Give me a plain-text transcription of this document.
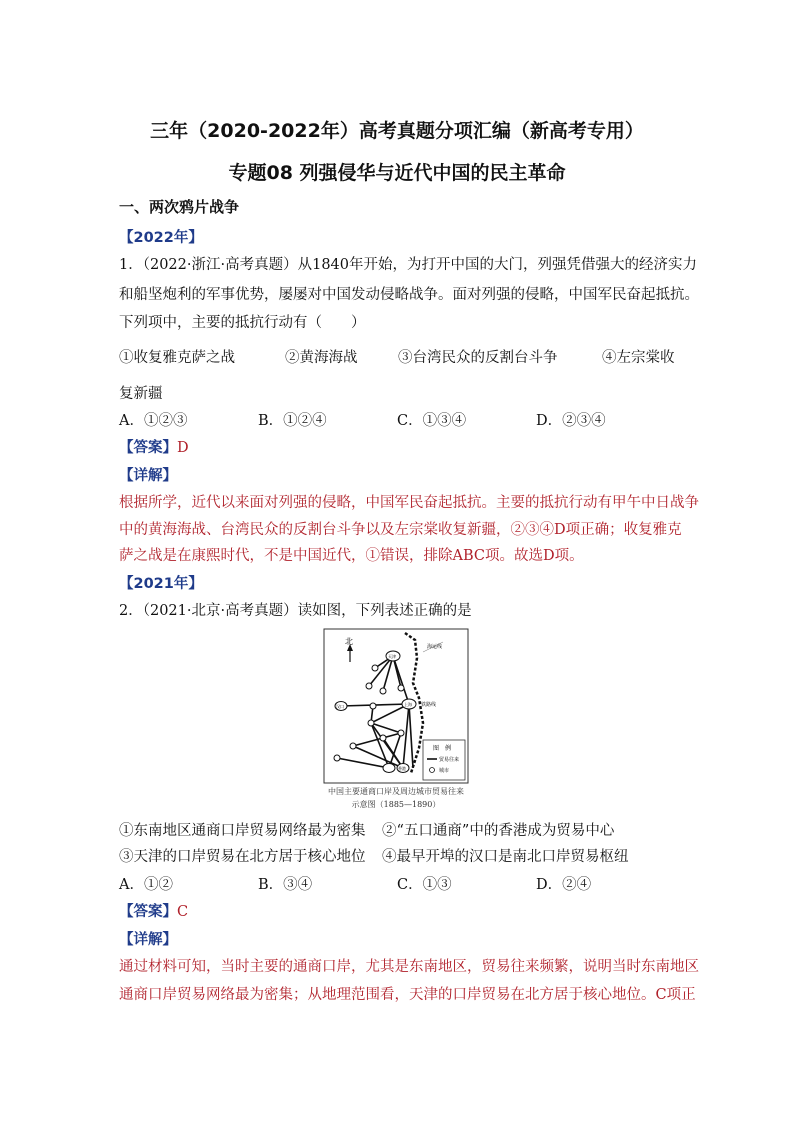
三年（2020-2022年）高考真题分项汇编（新高考专用）
专题08 列强侵华与近代中国的民主革命
一、两次鸦片战争
【2022年】
1．（2022·浙江·高考真题）从1840年开始，为打开中国的大门，列强凭借强大的经济实力
和船坚炮利的军事优势，屡屡对中国发动侵略战争。面对列强的侵略，中国军民奋起抵抗。
下列项中，主要的抵抗行动有（　　）
①收复雅克萨之战	②黄海海战	③台湾民众的反割台斗争	④左宗棠收
复新疆
A．①②③	B．①②④	C．①③④	D．②③④
【答案】D
【详解】
根据所学，近代以来面对列强的侵略，中国军民奋起抵抗。主要的抵抗行动有甲午中日战争
中的黄海海战、台湾民众的反割台斗争以及左宗棠收复新疆，②③④D项正确；收复雅克
萨之战是在康熙时代，不是中国近代，①错误，排除ABC项。故选D项。
【2021年】
2．（2021·北京·高考真题）读如图，下列表述正确的是
北
海运线
铁路线
天津
汉口	上海
香港
图　例
贸易往来
城市
中国主要通商口岸及周边城市贸易往来
示意图（1885—1890）
①东南地区通商口岸贸易网络最为密集 ②“五口通商”中的香港成为贸易中心
③天津的口岸贸易在北方居于核心地位 ④最早开埠的汉口是南北口岸贸易枢纽
A．①②	B．③④	C．①③	D．②④
【答案】C
【详解】
通过材料可知，当时主要的通商口岸，尤其是东南地区，贸易往来频繁，说明当时东南地区
通商口岸贸易网络最为密集；从地理范围看，天津的口岸贸易在北方居于核心地位。C项正
